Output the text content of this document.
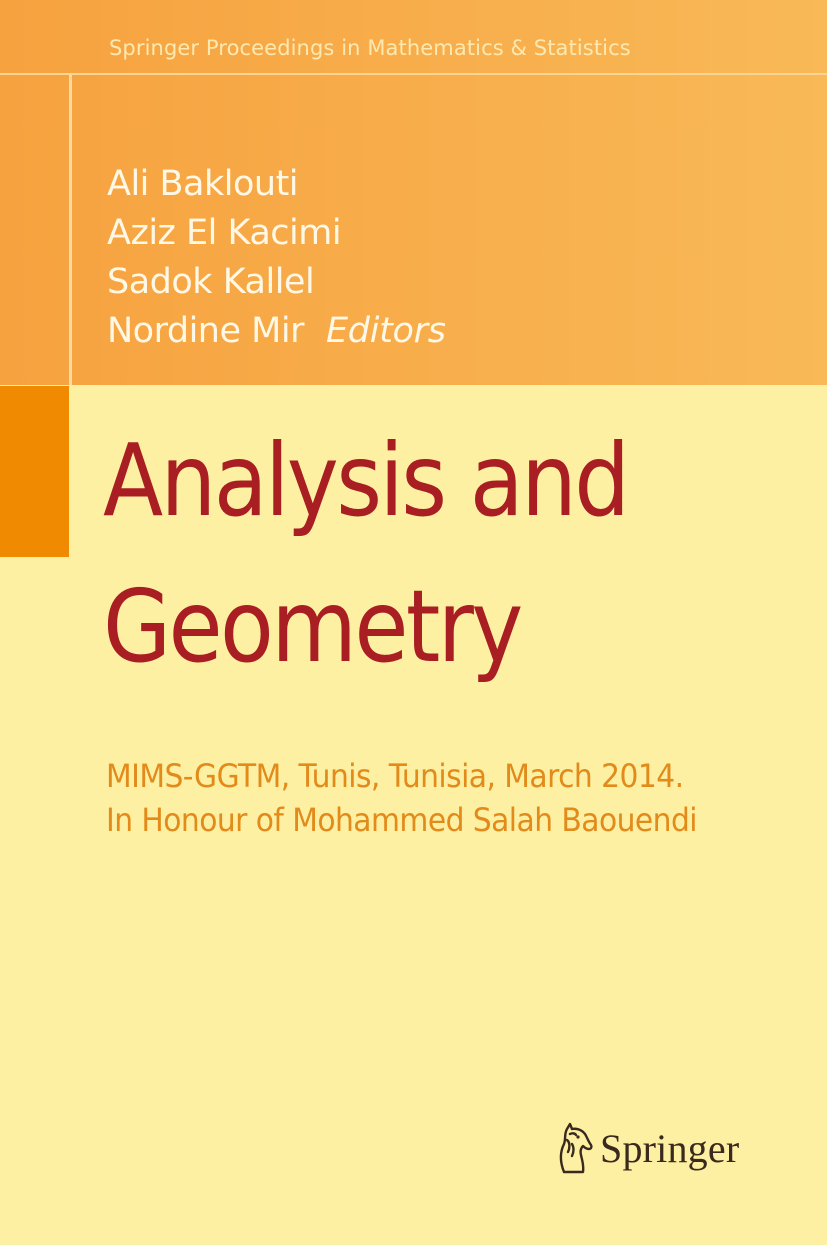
Springer Proceedings in Mathematics & Statistics
Ali Baklouti
Aziz El Kacimi
Sadok Kallel
Nordine Mir Editors
Analysis and
Geometry
MIMS-GGTM, Tunis, Tunisia, March 2014.
In Honour of Mohammed Salah Baouendi
Springer
